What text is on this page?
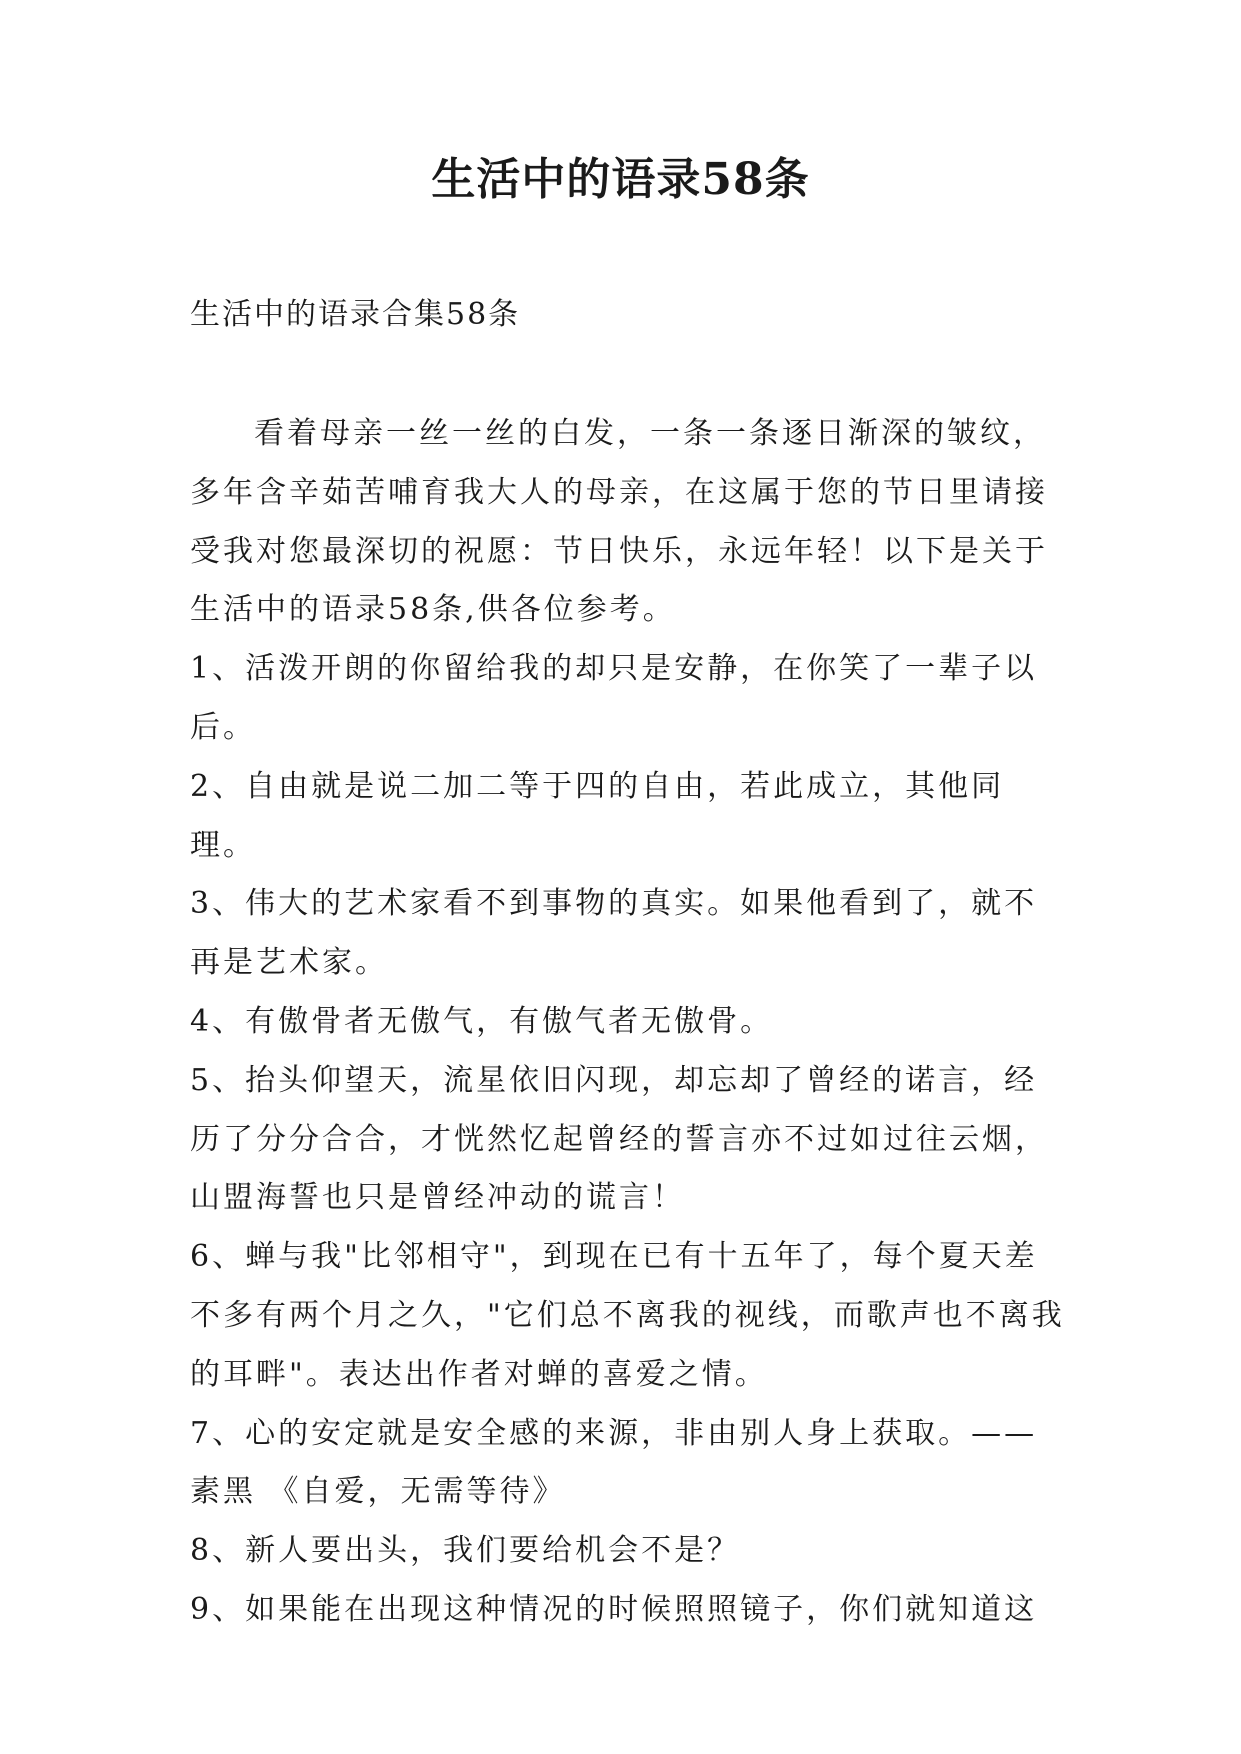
生活中的语录58条
生活中的语录合集58条

看着母亲一丝一丝的白发，一条一条逐日渐深的皱纹，多年含辛茹苦哺育我大人的母亲，在这属于您的节日里请接受我对您最深切的祝愿：节日快乐，永远年轻！以下是关于生活中的语录58条,供各位参考。

1、活泼开朗的你留给我的却只是安静，在你笑了一辈子以后。

2、自由就是说二加二等于四的自由，若此成立，其他同理。

3、伟大的艺术家看不到事物的真实。如果他看到了，就不再是艺术家。

4、有傲骨者无傲气，有傲气者无傲骨。

5、抬头仰望天，流星依旧闪现，却忘却了曾经的诺言，经历了分分合合，才恍然忆起曾经的誓言亦不过如过往云烟，山盟海誓也只是曾经冲动的谎言！

6、蝉与我"比邻相守"，到现在已有十五年了，每个夏天差不多有两个月之久，"它们总不离我的视线，而歌声也不离我的耳畔"。表达出作者对蝉的喜爱之情。

7、心的安定就是安全感的来源，非由别人身上获取。——素黑 《自爱，无需等待》

8、新人要出头，我们要给机会不是？

9、如果能在出现这种情况的时候照照镜子，你们就知道这
